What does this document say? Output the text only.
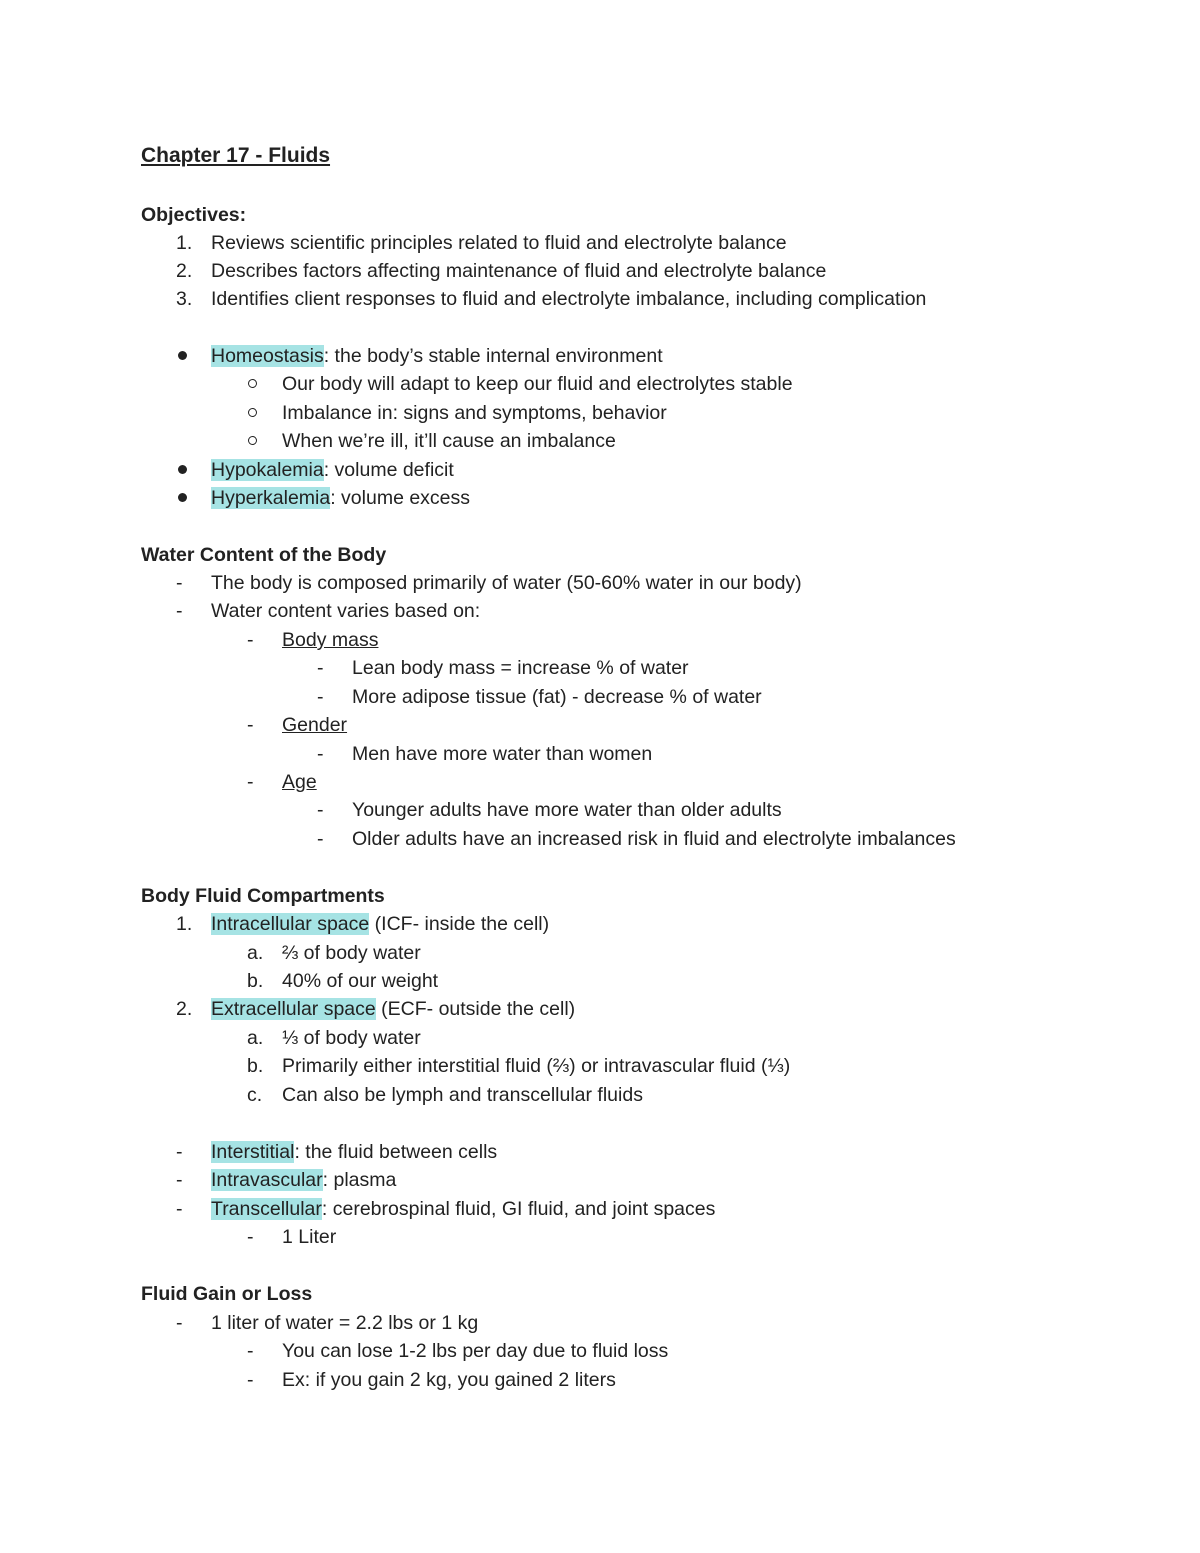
Chapter 17 - Fluids
Objectives:
1. Reviews scientific principles related to fluid and electrolyte balance
2. Describes factors affecting maintenance of fluid and electrolyte balance
3. Identifies client responses to fluid and electrolyte imbalance, including complication
Homeostasis: the body’s stable internal environment
Our body will adapt to keep our fluid and electrolytes stable
Imbalance in: signs and symptoms, behavior
When we’re ill, it’ll cause an imbalance
Hypokalemia: volume deficit
Hyperkalemia: volume excess
Water Content of the Body
- The body is composed primarily of water (50-60% water in our body)
- Water content varies based on:
- Body mass
- Lean body mass = increase % of water
- More adipose tissue (fat) - decrease % of water
- Gender
- Men have more water than women
- Age
- Younger adults have more water than older adults
- Older adults have an increased risk in fluid and electrolyte imbalances
Body Fluid Compartments
1. Intracellular space (ICF- inside the cell)
a. ⅔ of body water
b. 40% of our weight
2. Extracellular space (ECF- outside the cell)
a. ⅓ of body water
b. Primarily either interstitial fluid (⅔) or intravascular fluid (⅓)
c. Can also be lymph and transcellular fluids
- Interstitial: the fluid between cells
- Intravascular: plasma
- Transcellular: cerebrospinal fluid, GI fluid, and joint spaces
- 1 Liter
Fluid Gain or Loss
- 1 liter of water = 2.2 lbs or 1 kg
- You can lose 1-2 lbs per day due to fluid loss
- Ex: if you gain 2 kg, you gained 2 liters
